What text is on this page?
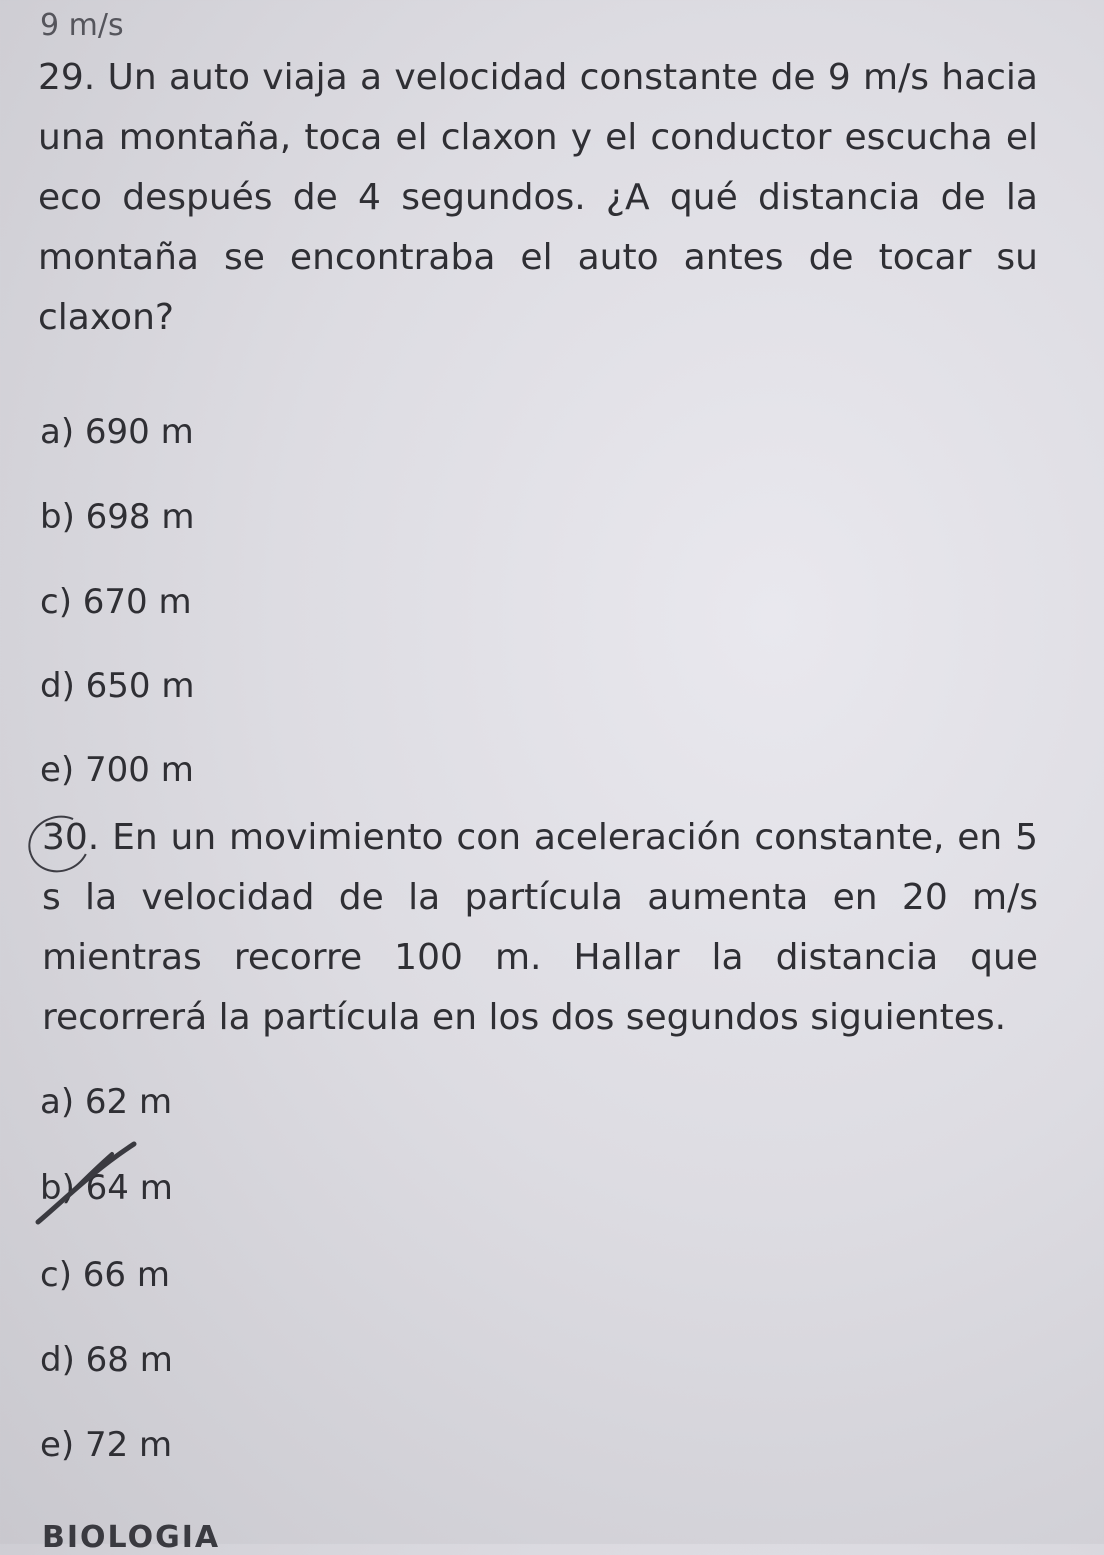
9 m/s
29. Un auto viaja a velocidad constante de 9 m/s hacia una montaña, toca el claxon y el conductor escucha el eco después de 4 segundos. ¿A qué distancia de la montaña se encontraba el auto antes de tocar su claxon?
a) 690 m
b) 698 m
c) 670 m
d) 650 m
e) 700 m
30. En un movimiento con aceleración constante, en 5 s la velocidad de la partícula aumenta en 20 m/s mientras recorre 100 m. Hallar la distancia que recorrerá la partícula en los dos segundos siguientes.
a) 62 m
b) 64 m
c) 66 m
d) 68 m
e) 72 m
BIOLOGIA
